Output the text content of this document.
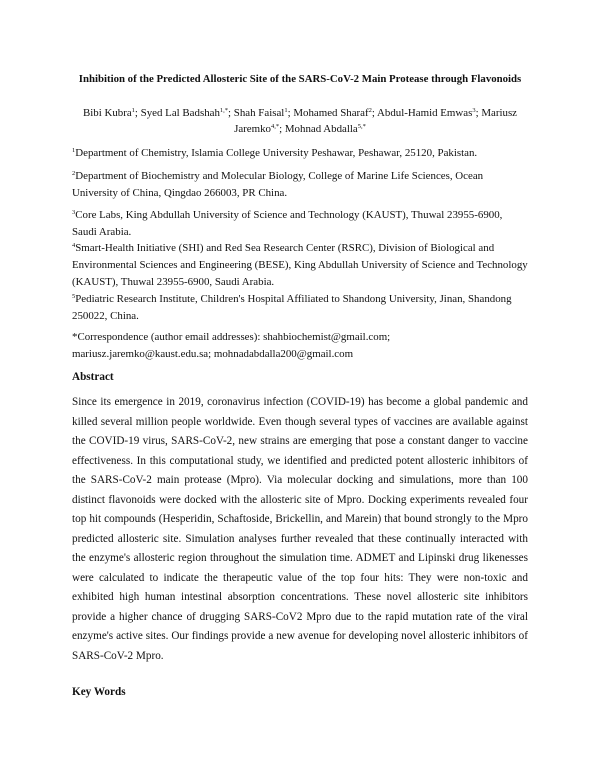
Inhibition of the Predicted Allosteric Site of the SARS-CoV-2 Main Protease through Flavonoids
Bibi Kubra$^1$; Syed Lal Badshah$^{1,*}$; Shah Faisal$^1$; Mohamed Sharaf$^2$; Abdul-Hamid Emwas$^3$; Mariusz Jaremko$^{4,*}$; Mohnad Abdalla$^{5,*}$
$^1$Department of Chemistry, Islamia College University Peshawar, Peshawar, 25120, Pakistan.
$^2$Department of Biochemistry and Molecular Biology, College of Marine Life Sciences, Ocean University of China, Qingdao 266003, PR China.
$^3$Core Labs, King Abdullah University of Science and Technology (KAUST), Thuwal 23955-6900, Saudi Arabia.
$^4$Smart-Health Initiative (SHI) and Red Sea Research Center (RSRC), Division of Biological and Environmental Sciences and Engineering (BESE), King Abdullah University of Science and Technology (KAUST), Thuwal 23955-6900, Saudi Arabia.
$^5$Pediatric Research Institute, Children's Hospital Affiliated to Shandong University, Jinan, Shandong 250022, China.
*Correspondence (author email addresses): shahbiochemist@gmail.com; mariusz.jaremko@kaust.edu.sa; mohnadabdalla200@gmail.com
Abstract
Since its emergence in 2019, coronavirus infection (COVID-19) has become a global pandemic and killed several million people worldwide. Even though several types of vaccines are available against the COVID-19 virus, SARS-CoV-2, new strains are emerging that pose a constant danger to vaccine effectiveness. In this computational study, we identified and predicted potent allosteric inhibitors of the SARS-CoV-2 main protease (Mpro). Via molecular docking and simulations, more than 100 distinct flavonoids were docked with the allosteric site of Mpro. Docking experiments revealed four top hit compounds (Hesperidin, Schaftoside, Brickellin, and Marein) that bound strongly to the Mpro predicted allosteric site. Simulation analyses further revealed that these continually interacted with the enzyme's allosteric region throughout the simulation time. ADMET and Lipinski drug likenesses were calculated to indicate the therapeutic value of the top four hits: They were non-toxic and exhibited high human intestinal absorption concentrations. These novel allosteric site inhibitors provide a higher chance of drugging SARS-CoV2 Mpro due to the rapid mutation rate of the viral enzyme's active sites. Our findings provide a new avenue for developing novel allosteric inhibitors of SARS-CoV-2 Mpro.
Key Words
